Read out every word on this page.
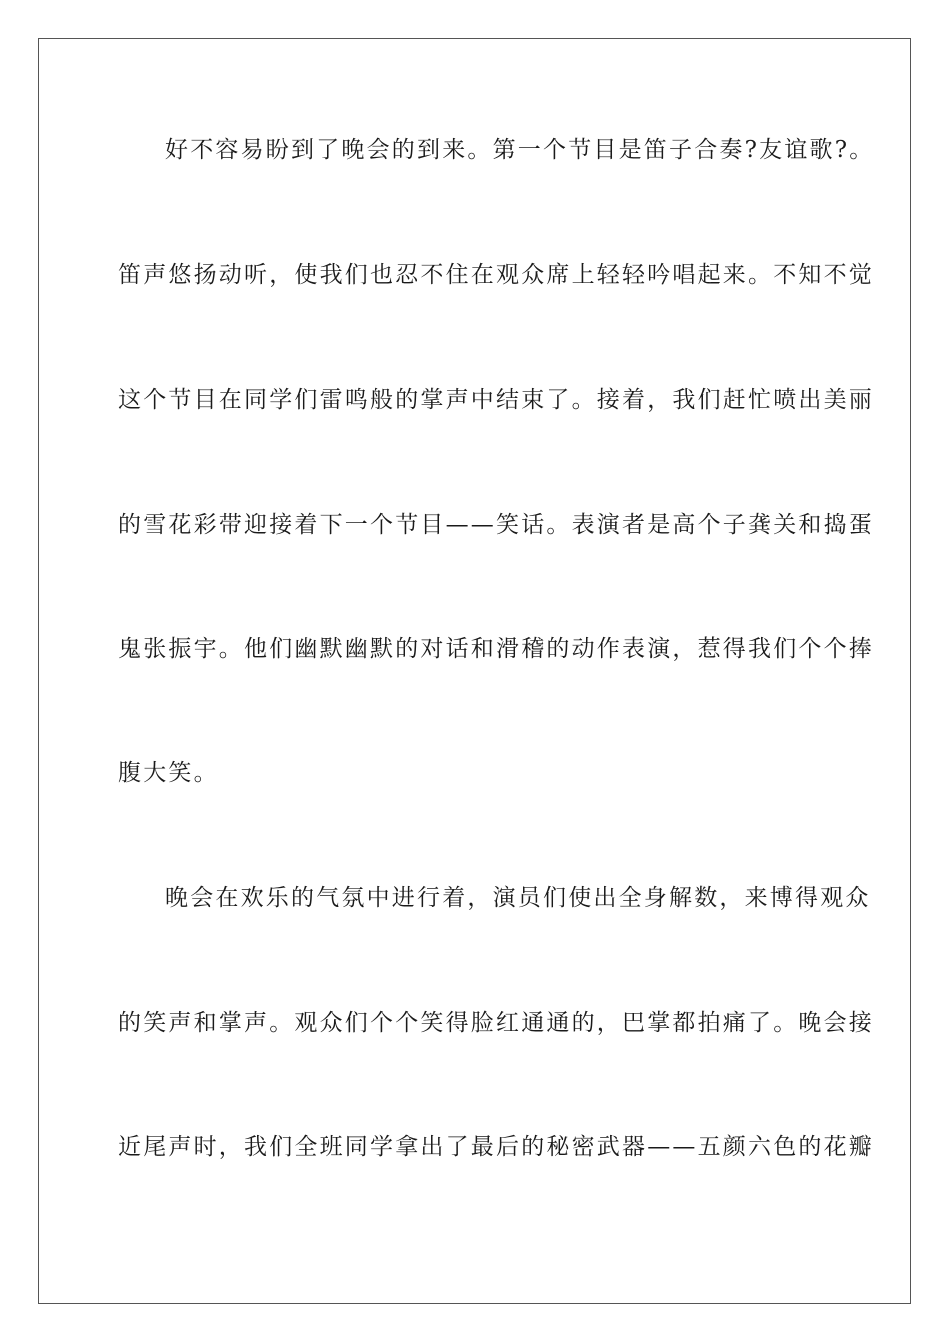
好不容易盼到了晚会的到来。第一个节目是笛子合奏?友谊歌?。
笛声悠扬动听，使我们也忍不住在观众席上轻轻吟唱起来。不知不觉
这个节目在同学们雷鸣般的掌声中结束了。接着，我们赶忙喷出美丽
的雪花彩带迎接着下一个节目——笑话。表演者是高个子龚关和捣蛋
鬼张振宇。他们幽默幽默的对话和滑稽的动作表演，惹得我们个个捧
腹大笑。
晚会在欢乐的气氛中进行着，演员们使出全身解数，来博得观众
的笑声和掌声。观众们个个笑得脸红通通的，巴掌都拍痛了。晚会接
近尾声时，我们全班同学拿出了最后的秘密武器——五颜六色的花瓣
